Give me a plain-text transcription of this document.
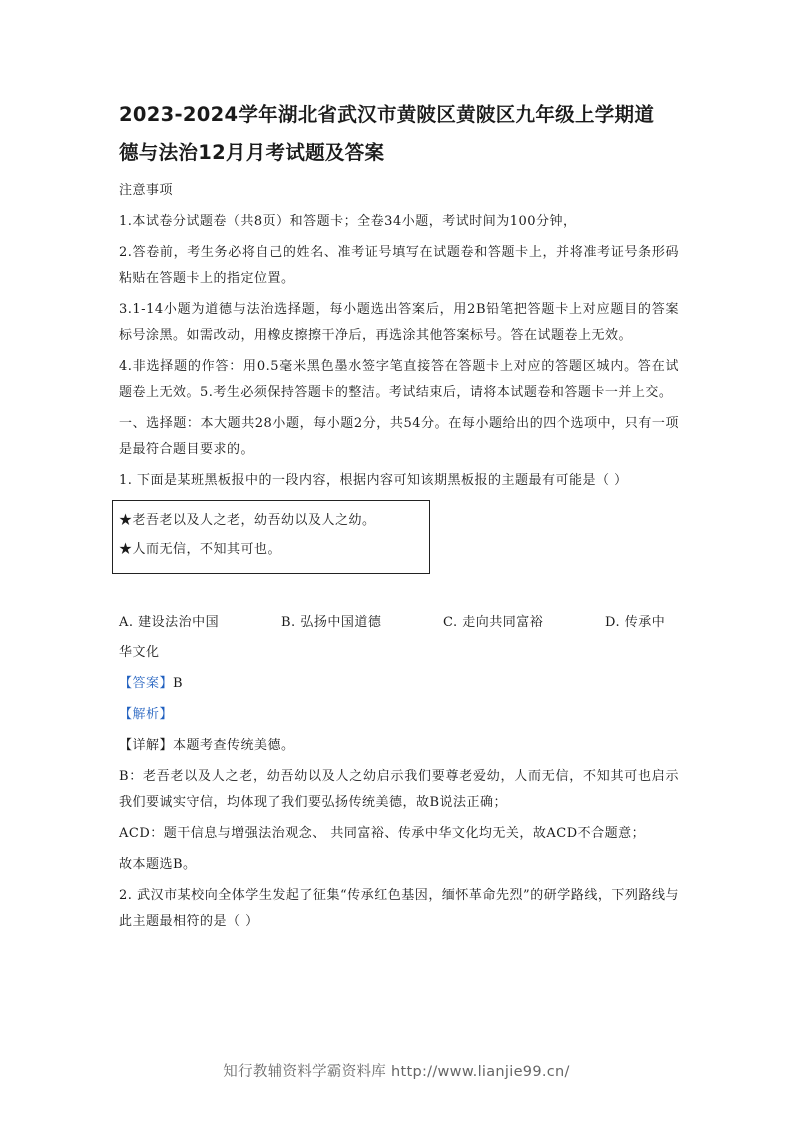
2023-2024学年湖北省武汉市黄陂区黄陂区九年级上学期道
德与法治12月月考试题及答案
注意事项
1.本试卷分试题卷（共8页）和答题卡；全卷34小题，考试时间为100分钟，
2.答卷前，考生务必将自己的姓名、准考证号填写在试题卷和答题卡上，并将准考证号条形码粘贴在答题卡上的指定位置。
3.1-14小题为道德与法治选择题，每小题选出答案后，用2B铅笔把答题卡上对应题目的答案标号涂黑。如需改动，用橡皮擦擦干净后，再选涂其他答案标号。答在试题卷上无效。
4.非选择题的作答：用0.5毫米黑色墨水签字笔直接答在答题卡上对应的答题区城内。答在试题卷上无效。5.考生必须保持答题卡的整洁。考试结束后，请将本试题卷和答题卡一并上交。
一、选择题：本大题共28小题，每小题2分，共54分。在每小题给出的四个选项中，只有一项是最符合题目要求的。
1. 下面是某班黑板报中的一段内容，根据内容可知该期黑板报的主题最有可能是（ ）
★老吾老以及人之老，幼吾幼以及人之幼。
★人而无信，不知其可也。
A. 建设法治中国	B. 弘扬中国道德	C. 走向共同富裕	D. 传承中
华文化
【答案】B
【解析】
【详解】本题考查传统美德。
B：老吾老以及人之老，幼吾幼以及人之幼启示我们要尊老爱幼，人而无信，不知其可也启示我们要诚实守信，均体现了我们要弘扬传统美德，故B说法正确；
ACD：题干信息与增强法治观念、 共同富裕、传承中华文化均无关，故ACD不合题意；
故本题选B。
2. 武汉市某校向全体学生发起了征集“传承红色基因，缅怀革命先烈”的研学路线，下列路线与此主题最相符的是（ ）
知行教辅资料学霸资料库 http://www.lianjie99.cn/
